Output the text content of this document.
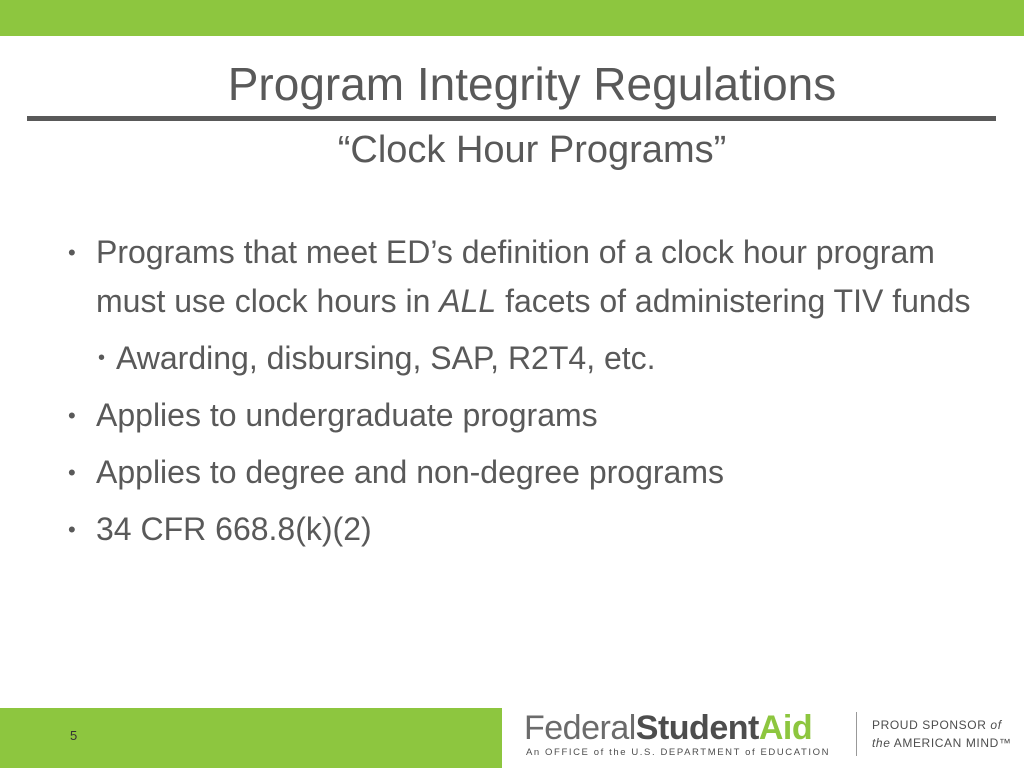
Program Integrity Regulations
“Clock Hour Programs”
• Programs that meet ED’s definition of a clock hour program must use clock hours in ALL facets of administering TIV funds
• Awarding, disbursing, SAP, R2T4, etc.
• Applies to undergraduate programs
• Applies to degree and non-degree programs
• 34 CFR 668.8(k)(2)
5	FederalStudentAid
An OFFICE of the U.S. DEPARTMENT of EDUCATION
PROUD SPONSOR of
the AMERICAN MIND™
